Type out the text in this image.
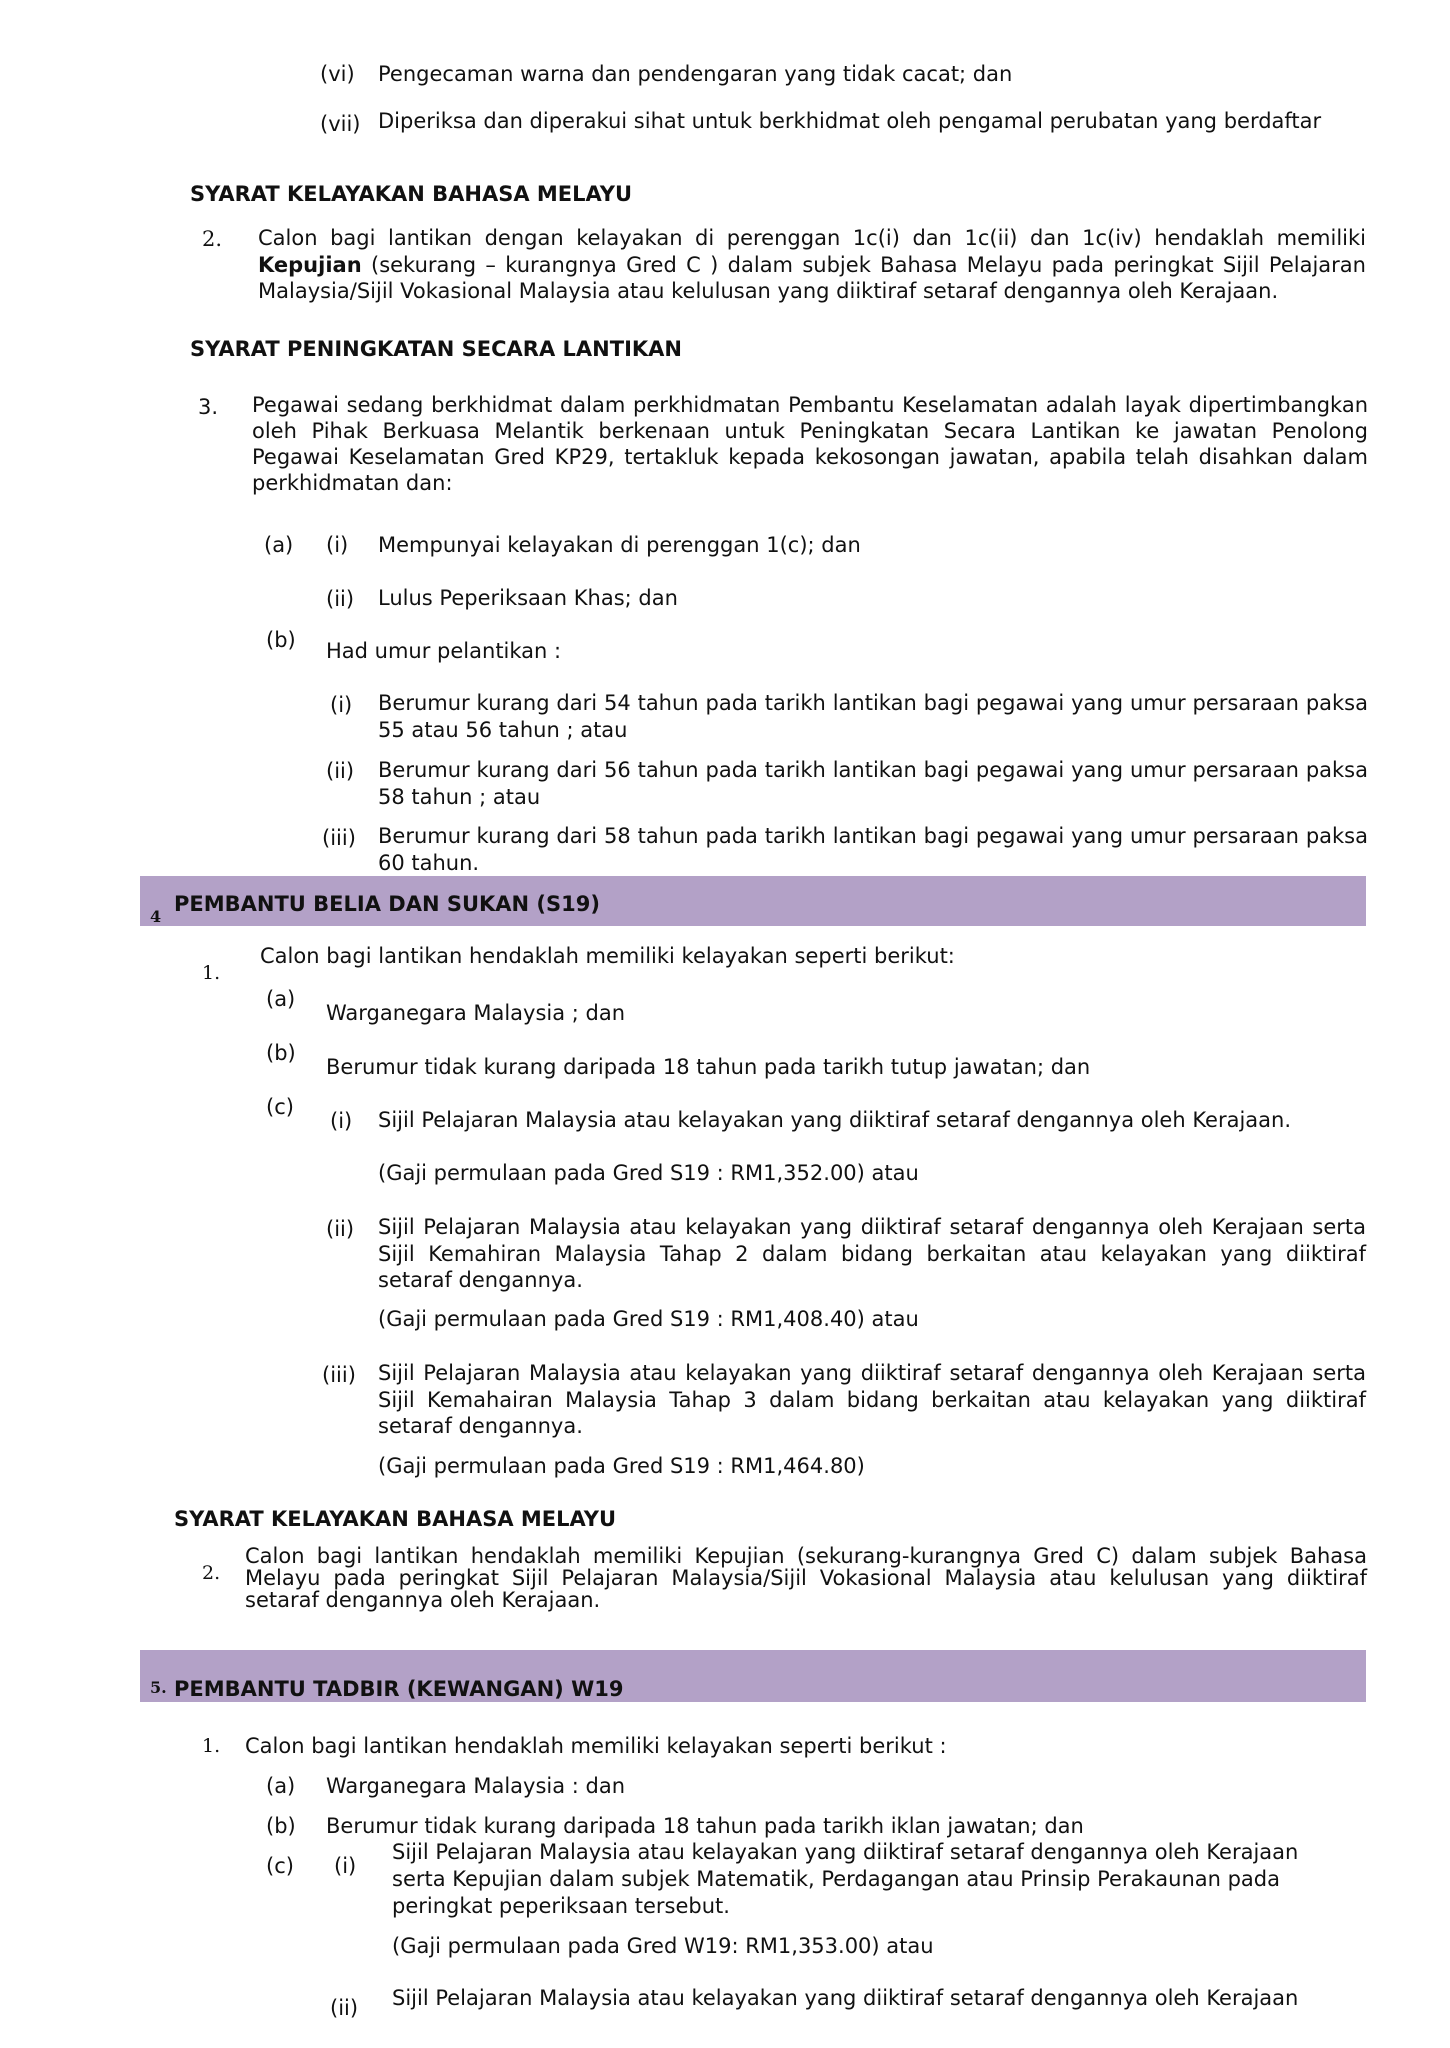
(vi) Pengecaman warna dan pendengaran yang tidak cacat; dan
(vii) Diperiksa dan diperakui sihat untuk berkhidmat oleh pengamal perubatan yang berdaftar
SYARAT KELAYAKAN BAHASA MELAYU
2. Calon bagi lantikan dengan kelayakan di perenggan 1c(i) dan 1c(ii) dan 1c(iv) hendaklah memiliki Kepujian (sekurang – kurangnya Gred C ) dalam subjek Bahasa Melayu pada peringkat Sijil Pelajaran Malaysia/Sijil Vokasional Malaysia atau kelulusan yang diiktiraf setaraf dengannya oleh Kerajaan.
SYARAT PENINGKATAN SECARA LANTIKAN
3. Pegawai sedang berkhidmat dalam perkhidmatan Pembantu Keselamatan adalah layak dipertimbangkan oleh Pihak Berkuasa Melantik berkenaan untuk Peningkatan Secara Lantikan ke jawatan Penolong Pegawai Keselamatan Gred KP29, tertakluk kepada kekosongan jawatan, apabila telah disahkan dalam perkhidmatan dan:
(a) (i) Mempunyai kelayakan di perenggan 1(c); dan
(ii) Lulus Peperiksaan Khas; dan
(b) Had umur pelantikan :
(i) Berumur kurang dari 54 tahun pada tarikh lantikan bagi pegawai yang umur persaraan paksa 55 atau 56 tahun ; atau
(ii) Berumur kurang dari 56 tahun pada tarikh lantikan bagi pegawai yang umur persaraan paksa 58 tahun ; atau
(iii) Berumur kurang dari 58 tahun pada tarikh lantikan bagi pegawai yang umur persaraan paksa 60 tahun.
4
PEMBANTU BELIA DAN SUKAN (S19)
1.
Calon bagi lantikan hendaklah memiliki kelayakan seperti berikut:
(a)
Warganegara Malaysia ; dan
(b)
Berumur tidak kurang daripada 18 tahun pada tarikh tutup jawatan; dan
(c)
(i) Sijil Pelajaran Malaysia atau kelayakan yang diiktiraf setaraf dengannya oleh Kerajaan.
(Gaji permulaan pada Gred S19 : RM1,352.00) atau
(ii) Sijil Pelajaran Malaysia atau kelayakan yang diiktiraf setaraf dengannya oleh Kerajaan serta Sijil Kemahiran Malaysia Tahap 2 dalam bidang berkaitan atau kelayakan yang diiktiraf setaraf dengannya.
(Gaji permulaan pada Gred S19 : RM1,408.40) atau
(iii) Sijil Pelajaran Malaysia atau kelayakan yang diiktiraf setaraf dengannya oleh Kerajaan serta Sijil Kemahairan Malaysia Tahap 3 dalam bidang berkaitan atau kelayakan yang diiktiraf setaraf dengannya.
(Gaji permulaan pada Gred S19 : RM1,464.80)
SYARAT KELAYAKAN BAHASA MELAYU
2.
Calon bagi lantikan hendaklah memiliki Kepujian (sekurang-kurangnya Gred C) dalam subjek Bahasa Melayu pada peringkat Sijil Pelajaran Malaysia/Sijil Vokasional Malaysia atau kelulusan yang diiktiraf setaraf dengannya oleh Kerajaan.
5. PEMBANTU TADBIR (KEWANGAN) W19
1. Calon bagi lantikan hendaklah memiliki kelayakan seperti berikut :
(a) Warganegara Malaysia : dan
(b) Berumur tidak kurang daripada 18 tahun pada tarikh iklan jawatan; dan
(c) (i)
Sijil Pelajaran Malaysia atau kelayakan yang diiktiraf setaraf dengannya oleh Kerajaan serta Kepujian dalam subjek Matematik, Perdagangan atau Prinsip Perakaunan pada peringkat peperiksaan tersebut.
(Gaji permulaan pada Gred W19: RM1,353.00) atau
(ii) Sijil Pelajaran Malaysia atau kelayakan yang diiktiraf setaraf dengannya oleh Kerajaan
